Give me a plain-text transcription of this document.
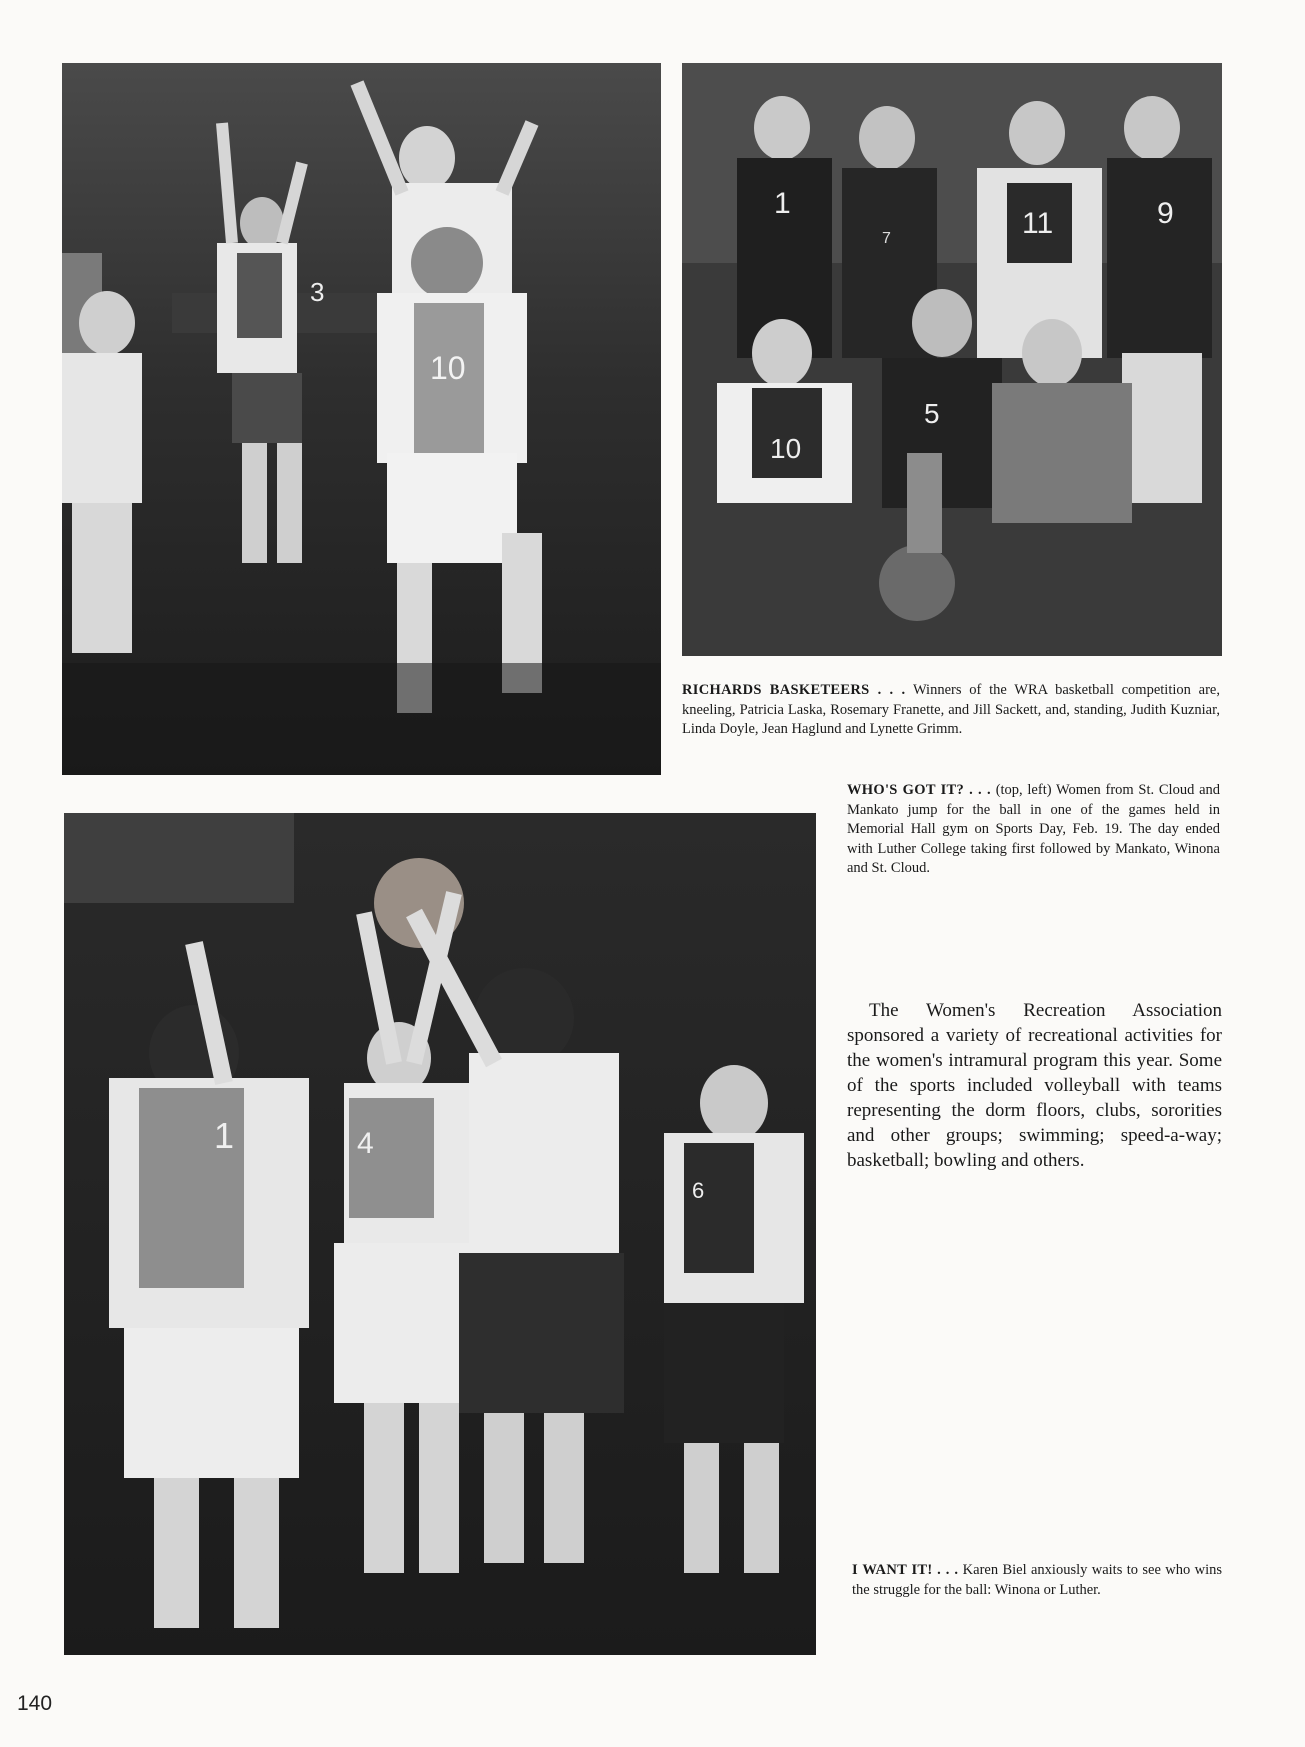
3
10
1
7	11	9
10
5

RICHARDS BASKETEERS . . . Winners of the WRA basketball competition are, kneeling, Patricia Laska, Rosemary Franette, and Jill Sackett, and, standing, Judith Kuzniar, Linda Doyle, Jean Haglund and Lynette Grimm.

WHO'S GOT IT? . . . (top, left) Women from St. Cloud and Mankato jump for the ball in one of the games held in Memorial Hall gym on Sports Day, Feb. 19. The day ended with Luther College taking first followed by Mankato, Winona and St. Cloud.

1	4
6

The Women's Recreation Association sponsored a variety of recreational activities for the women's intramural program this year. Some of the sports included volleyball with teams representing the dorm floors, clubs, sororities and other groups; swimming; speed-a-way; basketball; bowling and others.

I WANT IT! . . . Karen Biel anxiously waits to see who wins the struggle for the ball: Winona or Luther.

140
